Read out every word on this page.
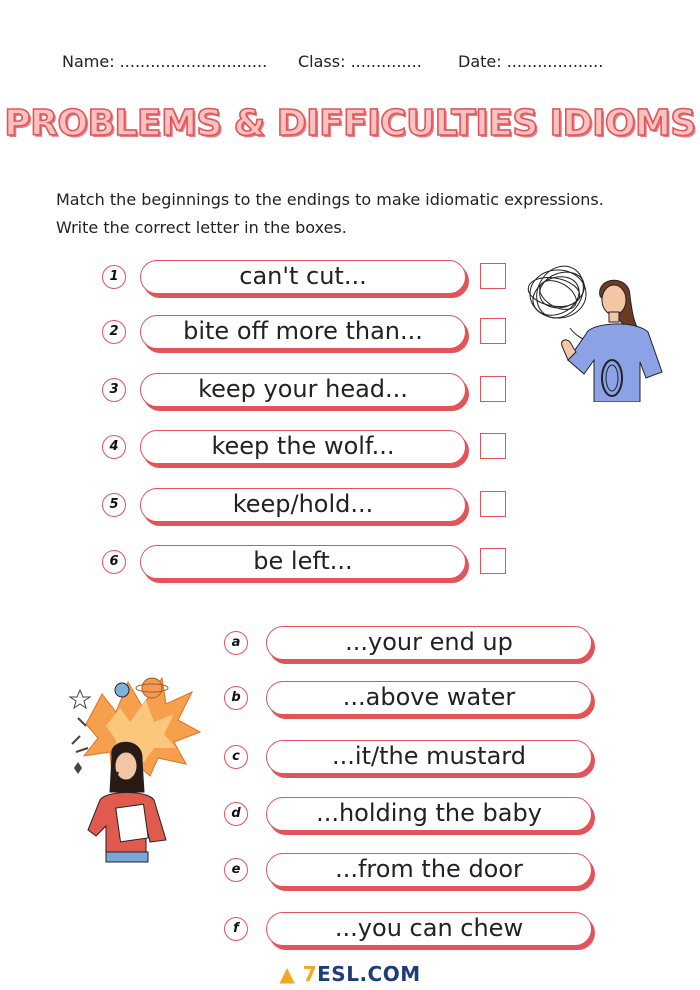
Name: ............................. Class: .............. Date: ...................
PROBLEMS & DIFFICULTIES IDIOMS
Match the beginnings to the endings to make idiomatic expressions.
Write the correct letter in the boxes.
1	can't cut...
2	bite off more than...
3	keep your head...
4	keep the wolf...
5	keep/hold...
6	be left...
a	...your end up
b	...above water
c	...it/the mustard
d	...holding the baby
e	...from the door
f	...you can chew
▲ 7ESL.COM
